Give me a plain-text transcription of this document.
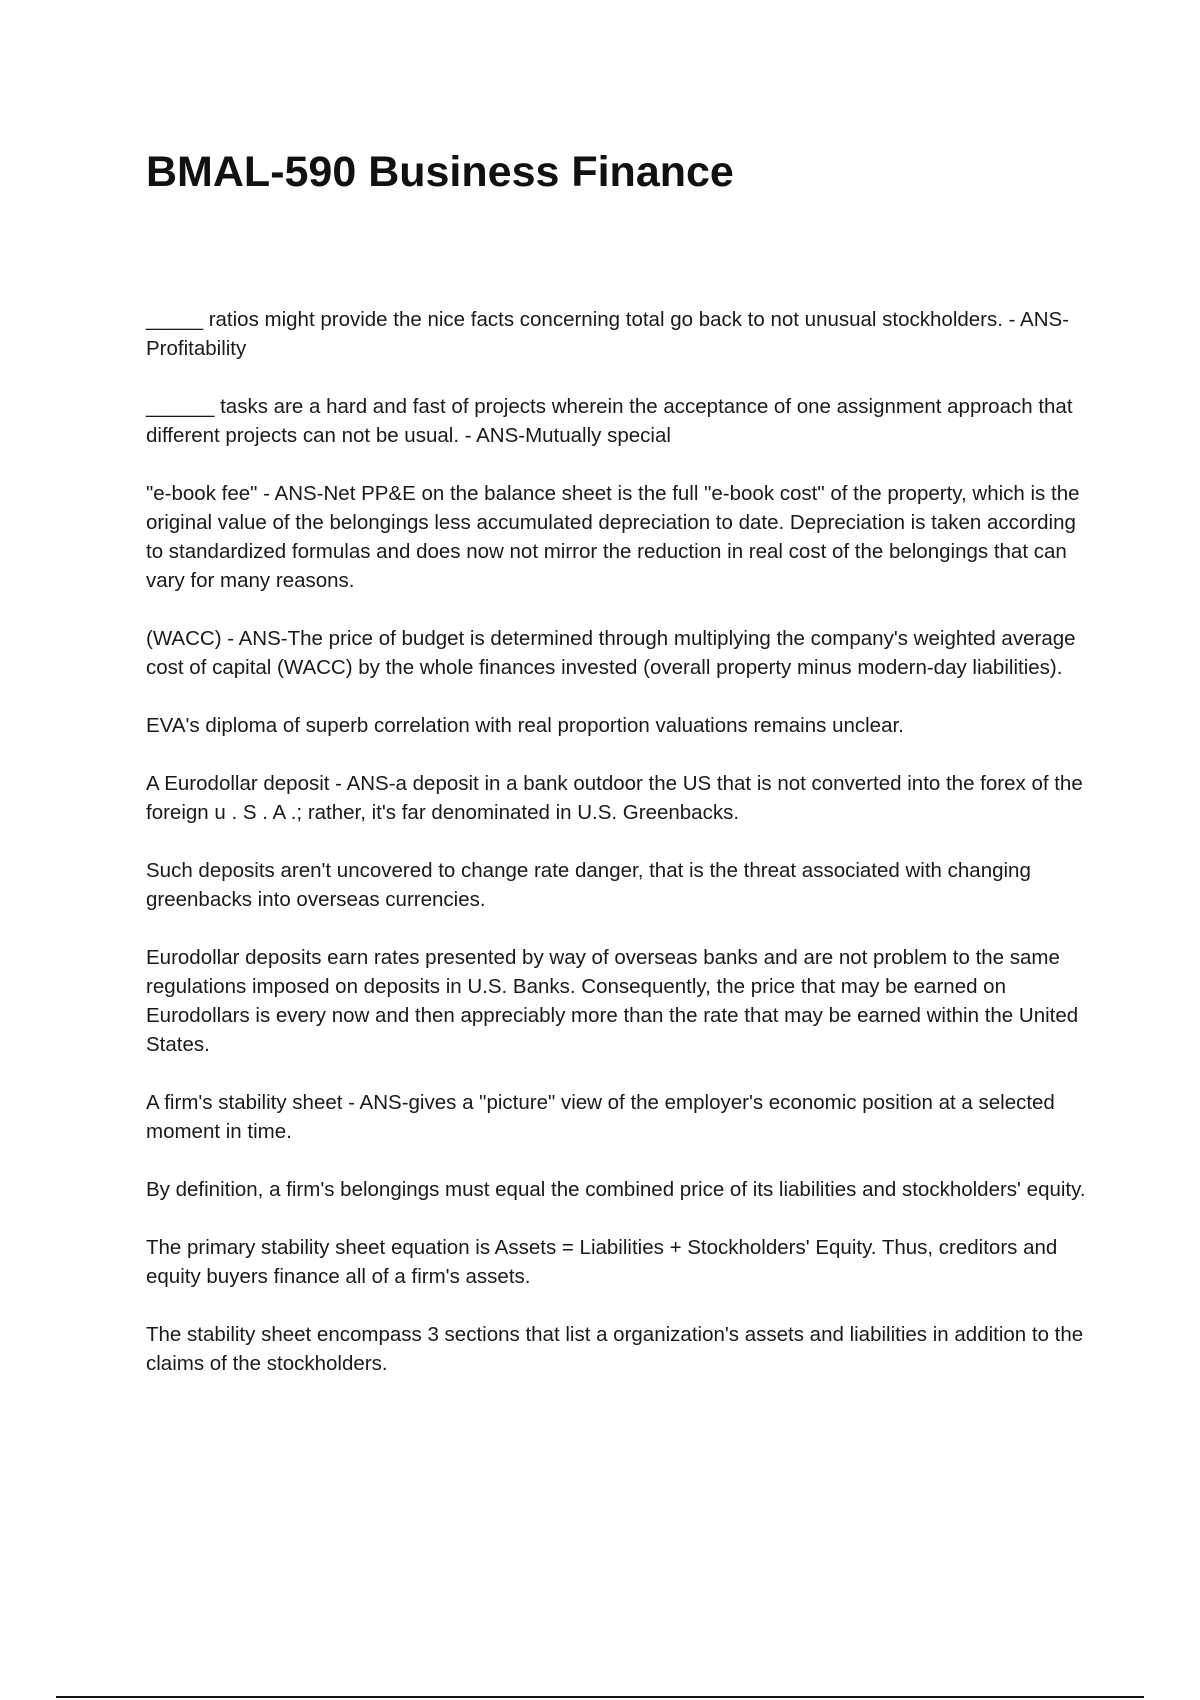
BMAL-590 Business Finance

_____ ratios might provide the nice facts concerning total go back to not unusual stockholders. - ANS-Profitability

______ tasks are a hard and fast of projects wherein the acceptance of one assignment approach that different projects can not be usual. - ANS-Mutually special

"e-book fee" - ANS-Net PP&E on the balance sheet is the full "e-book cost" of the property, which is the original value of the belongings less accumulated depreciation to date. Depreciation is taken according to standardized formulas and does now not mirror the reduction in real cost of the belongings that can vary for many reasons.

(WACC) - ANS-The price of budget is determined through multiplying the company's weighted average cost of capital (WACC) by the whole finances invested (overall property minus modern-day liabilities).

EVA's diploma of superb correlation with real proportion valuations remains unclear.

A Eurodollar deposit - ANS-a deposit in a bank outdoor the US that is not converted into the forex of the foreign u . S . A .; rather, it's far denominated in U.S. Greenbacks.

Such deposits aren't uncovered to change rate danger, that is the threat associated with changing greenbacks into overseas currencies.

Eurodollar deposits earn rates presented by way of overseas banks and are not problem to the same regulations imposed on deposits in U.S. Banks. Consequently, the price that may be earned on Eurodollars is every now and then appreciably more than the rate that may be earned within the United States.

A firm's stability sheet - ANS-gives a "picture" view of the employer's economic position at a selected moment in time.

By definition, a firm's belongings must equal the combined price of its liabilities and stockholders' equity.

The primary stability sheet equation is Assets = Liabilities + Stockholders' Equity. Thus, creditors and equity buyers finance all of a firm's assets.

The stability sheet encompass 3 sections that list a organization's assets and liabilities in addition to the claims of the stockholders.
